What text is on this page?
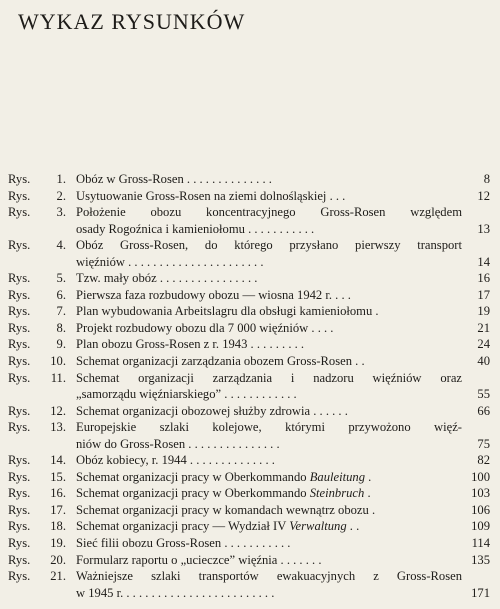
WYKAZ RYSUNKÓW
Rys.	1. Obóz w Gross-Rosen . . . . . . . . . . . . . .	8
Rys.	2. Usytuowanie Gross-Rosen na ziemi dolnośląskiej . . .	12
Rys.	3. Położenie obozu koncentracyjnego Gross-Rosen względem
osady Rogoźnica i kamieniołomu . . . . . . . . . . .	13
Rys.	4. Obóz Gross-Rosen, do którego przysłano pierwszy transport
więźniów . . . . . . . . . . . . . . . . . . . . . .	14
Rys.	5. Tzw. mały obóz . . . . . . . . . . . . . . . .	16
Rys.	6. Pierwsza faza rozbudowy obozu — wiosna 1942 r. . . .	17
Rys.	7. Plan wybudowania Arbeitslagru dla obsługi kamieniołomu .	19
Rys.	8. Projekt rozbudowy obozu dla 7 000 więźniów . . . .	21
Rys.	9. Plan obozu Gross-Rosen z r. 1943 . . . . . . . . .	24
Rys.	10. Schemat organizacji zarządzania obozem Gross-Rosen . .	40
Rys.	11. Schemat organizacji zarządzania i nadzoru więźniów oraz
„samorządu więźniarskiego” . . . . . . . . . . . .	55
Rys.	12. Schemat organizacji obozowej służby zdrowia . . . . . .	66
Rys.	13. Europejskie szlaki kolejowe, którymi przywożono więź-
niów do Gross-Rosen . . . . . . . . . . . . . . .	75
Rys.	14. Obóz kobiecy, r. 1944 . . . . . . . . . . . . . .	82
Rys.	15. Schemat organizacji pracy w Oberkommando Bauleitung .	100
Rys.	16. Schemat organizacji pracy w Oberkommando Steinbruch .	103
Rys.	17. Schemat organizacji pracy w komandach wewnątrz obozu .	106
Rys.	18. Schemat organizacji pracy — Wydział IV Verwaltung . .	109
Rys.	19. Sieć filii obozu Gross-Rosen . . . . . . . . . . .	114
Rys.	20. Formularz raportu o „ucieczce” więźnia . . . . . . .	135
Rys.	21. Ważniejsze szlaki transportów ewakuacyjnych z Gross-Rosen
w 1945 r. . . . . . . . . . . . . . . . . . . . . . . . .	171
